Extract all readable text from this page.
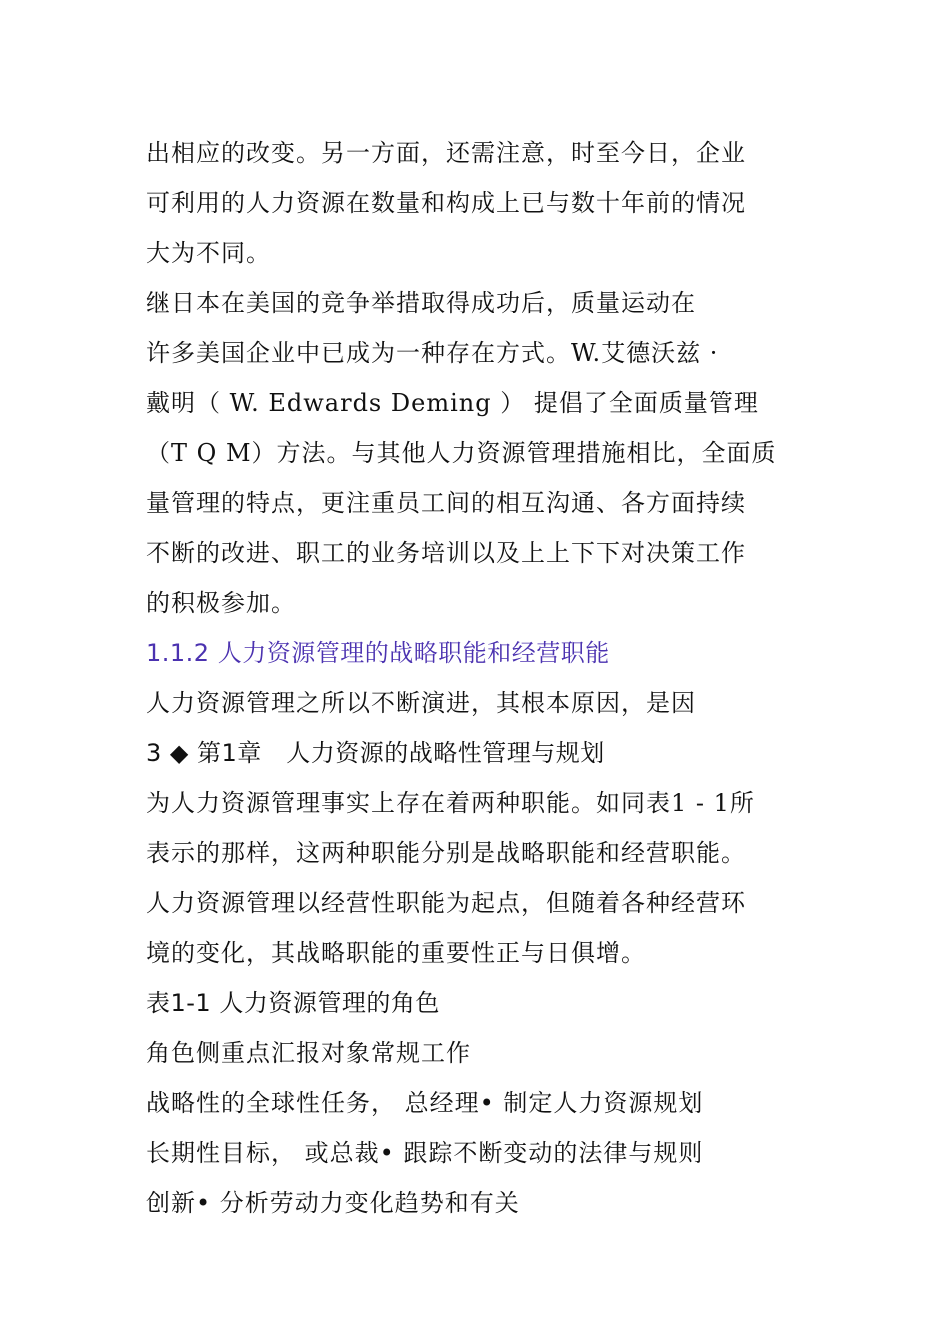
出相应的改变。另一方面，还需注意，时至今日，企业
可利用的人力资源在数量和构成上已与数十年前的情况
大为不同。
继日本在美国的竞争举措取得成功后，质量运动在
许多美国企业中已成为一种存在方式。W.艾德沃兹 ·
戴明（ W. Edwards Deming ） 提倡了全面质量管理
（T Q M）方法。与其他人力资源管理措施相比，全面质
量管理的特点，更注重员工间的相互沟通、各方面持续
不断的改进、职工的业务培训以及上上下下对决策工作
的积极参加。
1.1.2 人力资源管理的战略职能和经营职能
人力资源管理之所以不断演进，其根本原因，是因
3 ◆ 第1章　人力资源的战略性管理与规划
为人力资源管理事实上存在着两种职能。如同表1 - 1所
表示的那样，这两种职能分别是战略职能和经营职能。
人力资源管理以经营性职能为起点，但随着各种经营环
境的变化，其战略职能的重要性正与日俱增。
表1-1 人力资源管理的角色
角色侧重点汇报对象常规工作
战略性的全球性任务， 总经理• 制定人力资源规划
长期性目标， 或总裁• 跟踪不断变动的法律与规则
创新• 分析劳动力变化趋势和有关
